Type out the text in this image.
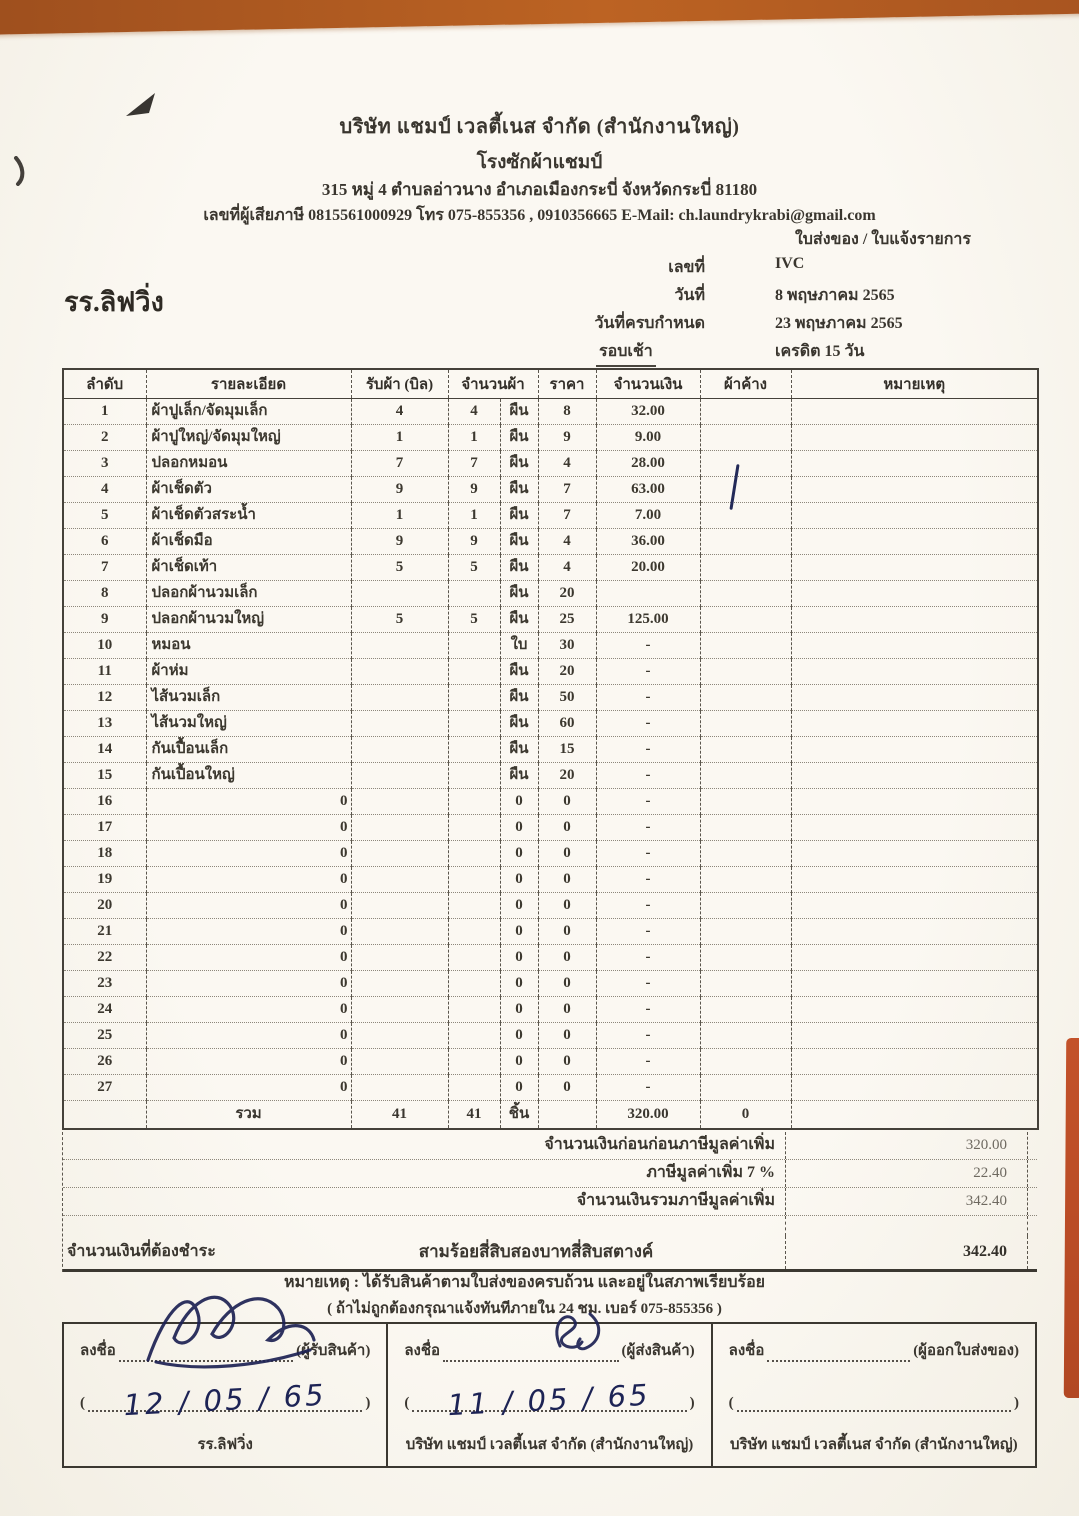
บริษัท แชมป์ เวลตี้เนส จำกัด (สำนักงานใหญ่)
โรงซักผ้าแชมป์
315 หมู่ 4 ตำบลอ่าวนาง อำเภอเมืองกระบี่ จังหวัดกระบี่ 81180
เลขที่ผู้เสียภาษี 0815561000929 โทร 075-855356 , 0910356665 E-Mail: ch.laundrykrabi@gmail.com
ใบส่งของ / ใบแจ้งรายการ
เลขที่	IVC
วันที่	8 พฤษภาคม 2565
วันที่ครบกำหนด	23 พฤษภาคม 2565
เครดิต 15 วัน
รร.ลิฟวิ่ง
รอบเช้า
ลำดับ	รายละเอียด	รับผ้า (บิล)	จำนวนผ้า		ราคา	จำนวนเงิน	ผ้าค้าง	หมายเหตุ
1	ผ้าปูเล็ก/จัดมุมเล็ก	4	4	ผืน	8	32.00		
2	ผ้าปูใหญ่/จัดมุมใหญ่	1	1	ผืน	9	9.00		
3	ปลอกหมอน	7	7	ผืน	4	28.00		
4	ผ้าเช็ดตัว	9	9	ผืน	7	63.00		
5	ผ้าเช็ดตัวสระน้ำ	1	1	ผืน	7	7.00		
6	ผ้าเช็ดมือ	9	9	ผืน	4	36.00		
7	ผ้าเช็ดเท้า	5	5	ผืน	4	20.00		
8	ปลอกผ้านวมเล็ก			ผืน	20			
9	ปลอกผ้านวมใหญ่	5	5	ผืน	25	125.00		
10	หมอน			ใบ	30	-		
11	ผ้าห่ม			ผืน	20	-		
12	ไส้นวมเล็ก			ผืน	50	-		
13	ไส้นวมใหญ่			ผืน	60	-		
14	กันเปื้อนเล็ก			ผืน	15	-		
15	กันเปื้อนใหญ่			ผืน	20	-		
16	0			0	0	-		
17	0			0	0	-		
18	0			0	0	-		
19	0			0	0	-		
20	0			0	0	-		
21	0			0	0	-		
22	0			0	0	-		
23	0			0	0	-		
24	0			0	0	-		
25	0			0	0	-		
26	0			0	0	-		
27	0			0	0	-		
	รวม	41	41	ชิ้น		320.00	0	
จำนวนเงินก่อนก่อนภาษีมูลค่าเพิ่ม	320.00
ภาษีมูลค่าเพิ่ม 7 %	22.40
จำนวนเงินรวมภาษีมูลค่าเพิ่ม	342.40
จำนวนเงินที่ต้องชำระ	สามร้อยสี่สิบสองบาทสี่สิบสตางค์	342.40
หมายเหตุ : ได้รับสินค้าตามใบส่งของครบถ้วน และอยู่ในสภาพเรียบร้อย
( ถ้าไม่ถูกต้องกรุณาแจ้งทันทีภายใน 24 ชม. เบอร์ 075-855356 )
ลงชื่อ	(ผู้รับสินค้า)
( 12 / 05 / 65	)
รร.ลิฟวิ่ง
ลงชื่อ	(ผู้ส่งสินค้า)
( 11 / 05 / 65	)
บริษัท แชมป์ เวลตี้เนส จำกัด (สำนักงานใหญ่)
ลงชื่อ	(ผู้ออกใบส่งของ)
(	)
บริษัท แชมป์ เวลตี้เนส จำกัด (สำนักงานใหญ่)
